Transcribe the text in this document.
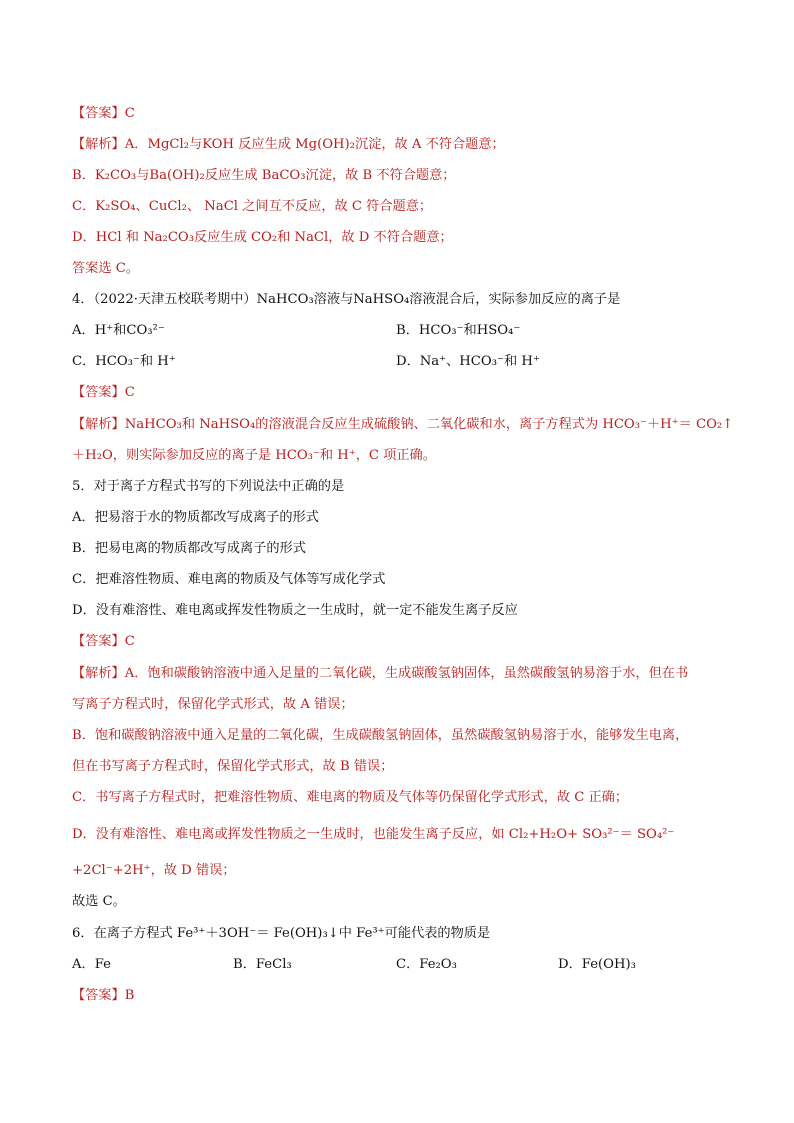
【答案】C
【解析】A．MgCl₂与KOH 反应生成 Mg(OH)₂沉淀，故 A 不符合题意；
B．K₂CO₃与Ba(OH)₂反应生成 BaCO₃沉淀，故 B 不符合题意；
C．K₂SO₄、CuCl₂、 NaCl 之间互不反应，故 C 符合题意；
D．HCl 和 Na₂CO₃反应生成 CO₂和 NaCl，故 D 不符合题意；
答案选 C。
4．（2022·天津五校联考期中）NaHCO₃溶液与NaHSO₄溶液混合后，实际参加反应的离子是
A．H⁺和CO₃²⁻	B．HCO₃⁻和HSO₄⁻
C．HCO₃⁻和 H⁺	D．Na⁺、HCO₃⁻和 H⁺
【答案】C
【解析】NaHCO₃和 NaHSO₄的溶液混合反应生成硫酸钠、二氧化碳和水，离子方程式为 HCO₃⁻＋H⁺＝ CO₂↑
＋H₂O，则实际参加反应的离子是 HCO₃⁻和 H⁺，C 项正确。
5．对于离子方程式书写的下列说法中正确的是
A．把易溶于水的物质都改写成离子的形式
B．把易电离的物质都改写成离子的形式
C．把难溶性物质、难电离的物质及气体等写成化学式
D．没有难溶性、难电离或挥发性物质之一生成时，就一定不能发生离子反应
【答案】C
【解析】A．饱和碳酸钠溶液中通入足量的二氧化碳，生成碳酸氢钠固体，虽然碳酸氢钠易溶于水，但在书
写离子方程式时，保留化学式形式，故 A 错误；
B．饱和碳酸钠溶液中通入足量的二氧化碳，生成碳酸氢钠固体，虽然碳酸氢钠易溶于水，能够发生电离，
但在书写离子方程式时，保留化学式形式，故 B 错误；
C．书写离子方程式时，把难溶性物质、难电离的物质及气体等仍保留化学式形式，故 C 正确；
D．没有难溶性、难电离或挥发性物质之一生成时，也能发生离子反应，如 Cl₂+H₂O+ SO₃²⁻＝ SO₄²⁻
+2Cl⁻+2H⁺，故 D 错误；
故选 C。
6．在离子方程式 Fe³⁺＋3OH⁻＝ Fe(OH)₃↓中 Fe³⁺可能代表的物质是
A．Fe	B．FeCl₃	C．Fe₂O₃	D．Fe(OH)₃
【答案】B
